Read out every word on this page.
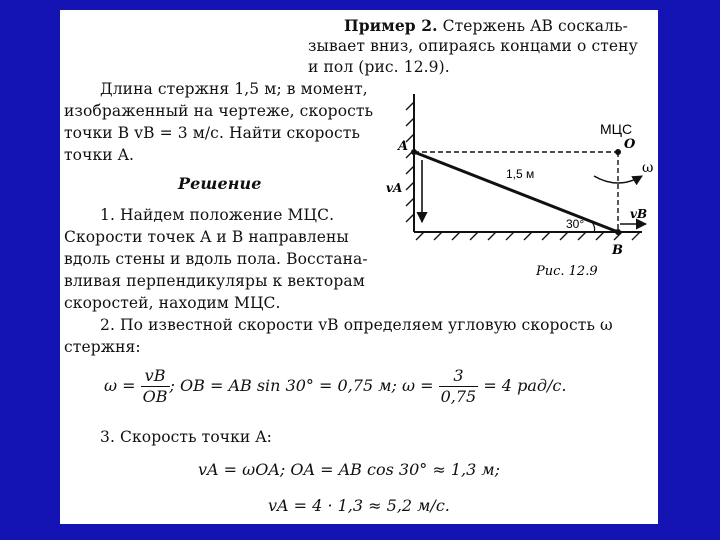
Пример 2. Стержень AB соскаль-
зывает вниз, опираясь концами о стену
и пол (рис. 12.9).
Длина стержня 1,5 м; в момент,
изображенный на чертеже, скорость
точки B vB = 3 м/с. Найти скорость
точки A.
Решение
1. Найдем положение МЦС.
Скорости точек A и B направлены
вдоль стены и вдоль пола. Восстана-
вливая перпендикуляры к векторам
скоростей, находим МЦС.
2. По известной скорости vB определяем угловую скорость ω
стержня:
$\omega = \frac{vB}{OB}$ ; OB = AB sin 30° = 0,75 м; $\omega = \frac{3}{0,75} = 4$ рад/с.
3. Скорость точки A:
vA = ωOA; OA = AB cos 30° ≈ 1,3 м;
vA = 4 · 1,3 ≈ 5,2 м/с.
МЦС
O
A
B
1,5 м	ω
vA
vB
30°
Рис. 12.9
